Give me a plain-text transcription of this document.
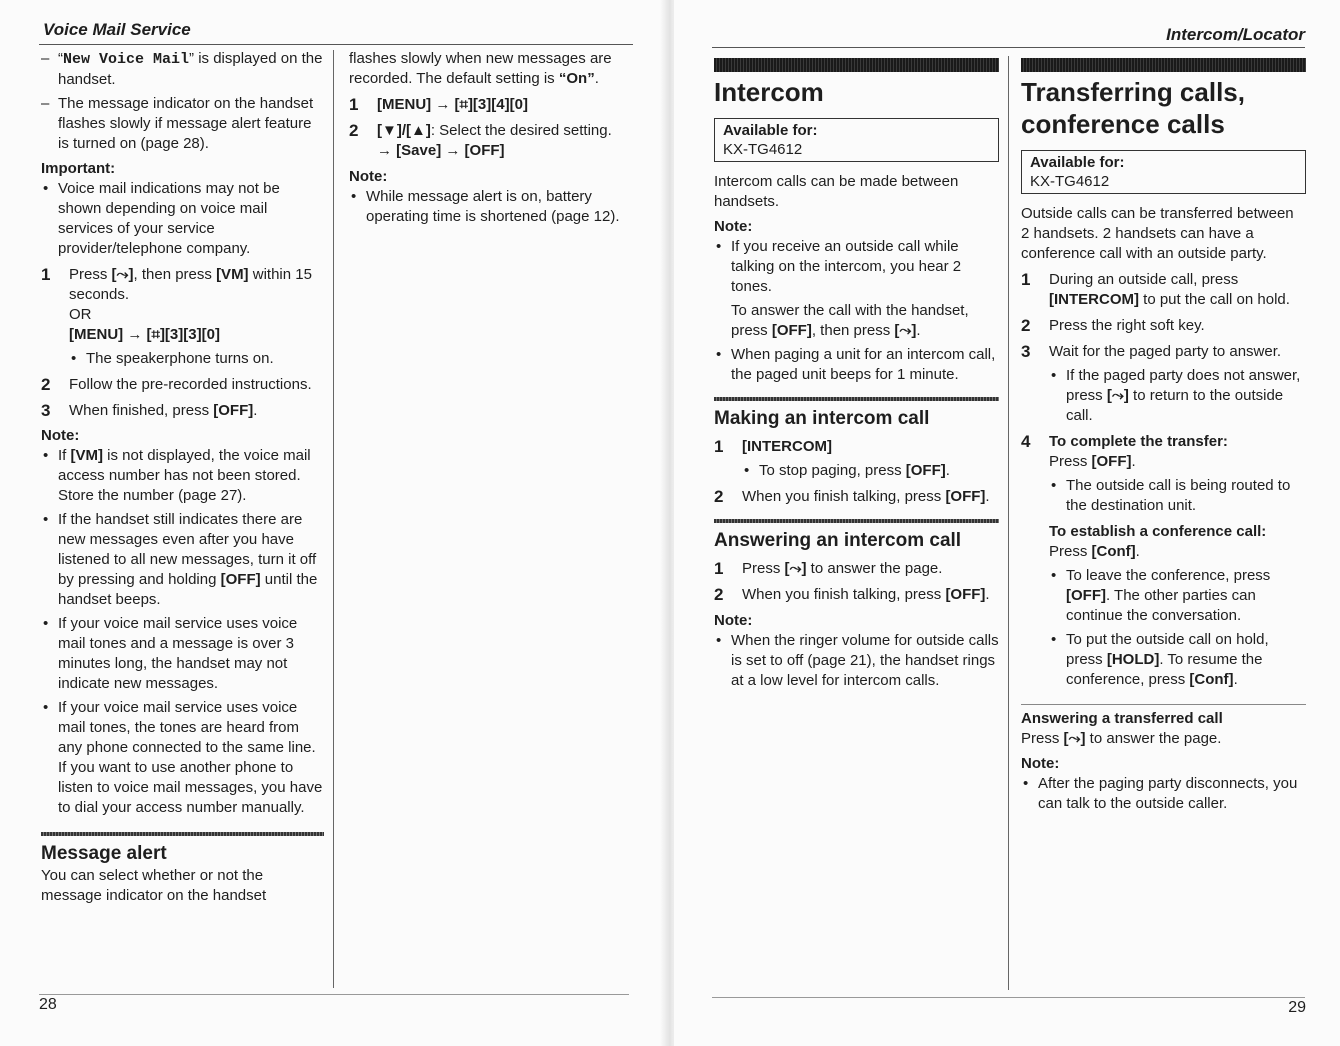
Voice Mail Service

– “New Voice Mail” is displayed on the handset.

– The message indicator on the handset flashes slowly if message alert feature is turned on (page 28).

Important:

• Voice mail indications may not be shown depending on voice mail services of your service provider/telephone company.

1 Press [⤳], then press [VM] within 15 seconds.

OR

[MENU] → [⌗][3][3][0]

• The speakerphone turns on.

2 Follow the pre-recorded instructions.

3 When finished, press [OFF].

Note:

• If [VM] is not displayed, the voice mail access number has not been stored. Store the number (page 27).

• If the handset still indicates there are new messages even after you have listened to all new messages, turn it off by pressing and holding [OFF] until the handset beeps.

• If your voice mail service uses voice mail tones and a message is over 3 minutes long, the handset may not indicate new messages.

• If your voice mail service uses voice mail tones, the tones are heard from any phone connected to the same line. If you want to use another phone to listen to voice mail messages, you have to dial your access number manually.

Message alert

You can select whether or not the message indicator on the handset

flashes slowly when new messages are recorded. The default setting is “On”.

1 [MENU] → [⌗][3][4][0]

2 [▼]/[▲]: Select the desired setting.

→ [Save] → [OFF]

Note:

• While message alert is on, battery operating time is shortened (page 12).

28
Intercom/Locator

Intercom

Available for:

KX-TG4612

Intercom calls can be made between handsets.

Note:

• If you receive an outside call while talking on the intercom, you hear 2 tones.

To answer the call with the handset, press [OFF], then press [⤳].

• When paging a unit for an intercom call, the paged unit beeps for 1 minute.

Making an intercom call

1 [INTERCOM]

• To stop paging, press [OFF].

2 When you finish talking, press [OFF].

Answering an intercom call

1 Press [⤳] to answer the page.

2 When you finish talking, press [OFF].

Note:

• When the ringer volume for outside calls is set to off (page 21), the handset rings at a low level for intercom calls.

Transferring calls, conference calls

Available for:

KX-TG4612

Outside calls can be transferred between 2 handsets. 2 handsets can have a conference call with an outside party.

1 During an outside call, press [INTERCOM] to put the call on hold.

2 Press the right soft key.

3 Wait for the paged party to answer.

• If the paged party does not answer, press [⤳] to return to the outside call.

4 To complete the transfer:

Press [OFF].

• The outside call is being routed to the destination unit.

To establish a conference call:

Press [Conf].

• To leave the conference, press [OFF]. The other parties can continue the conversation.

• To put the outside call on hold, press [HOLD]. To resume the conference, press [Conf].

Answering a transferred call

Press [⤳] to answer the page.

Note:

• After the paging party disconnects, you can talk to the outside caller.

29
